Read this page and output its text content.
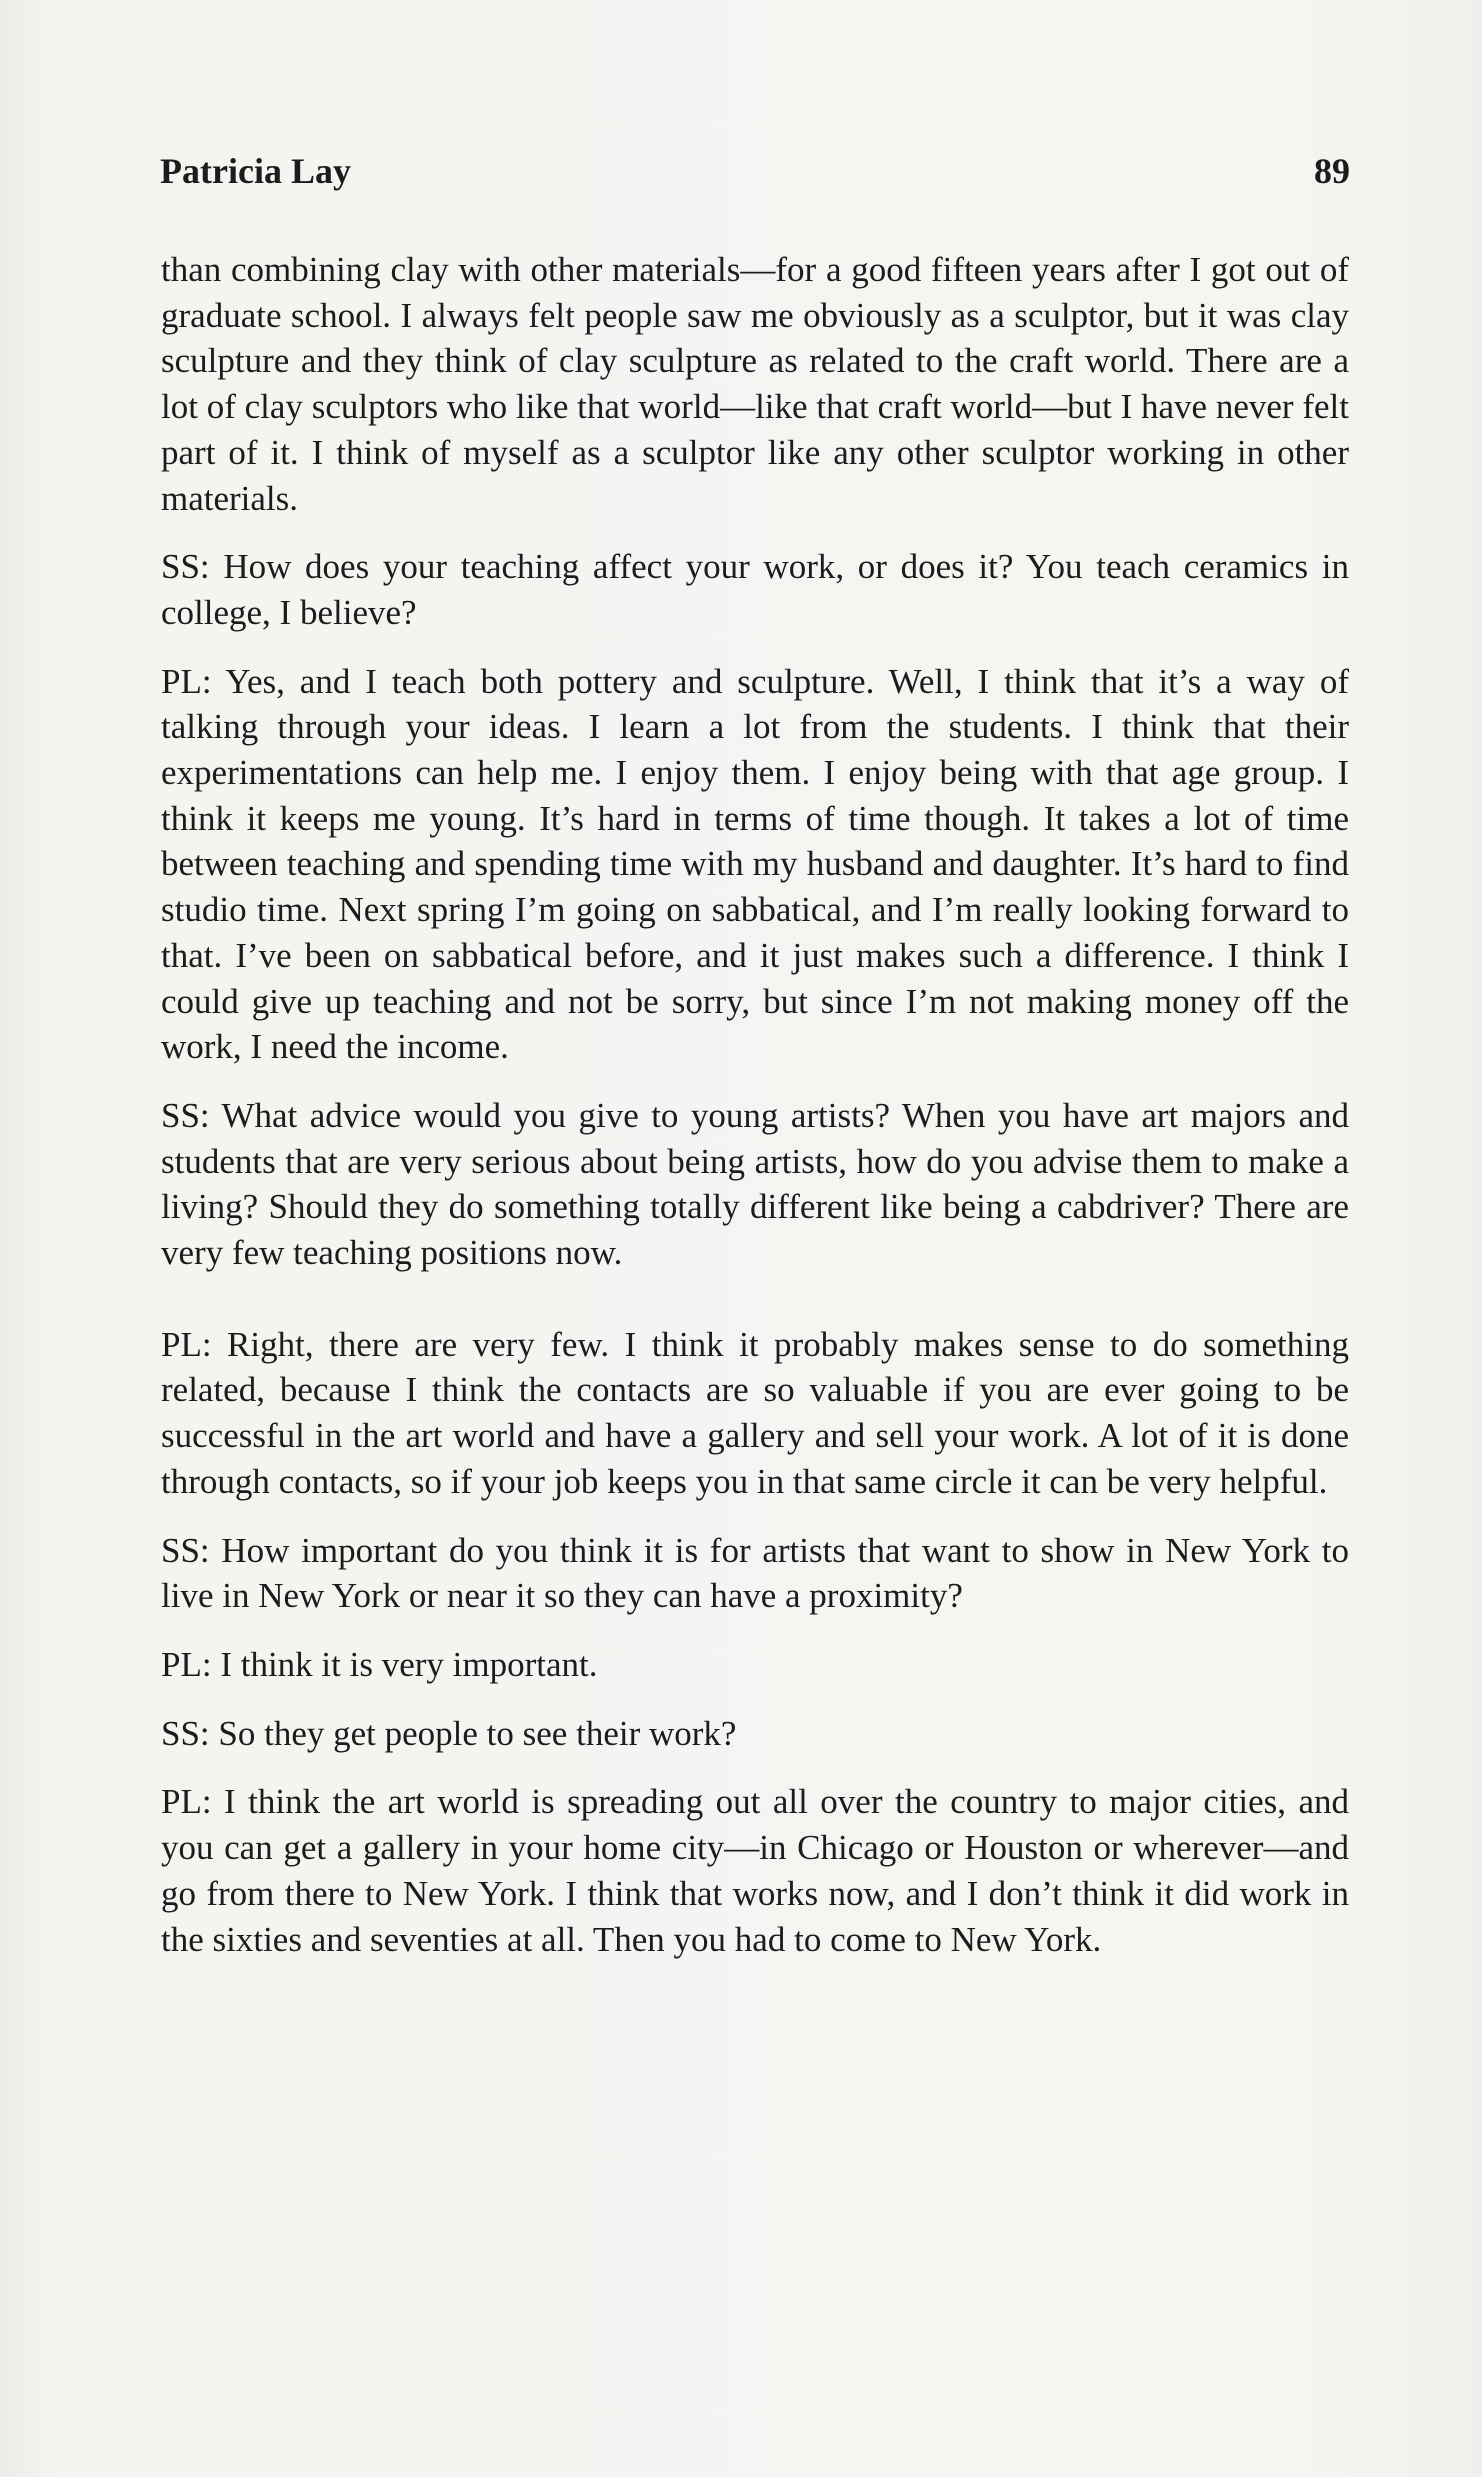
Patricia Lay	89

than combining clay with other materials—for a good fifteen years after I got out of graduate school. I always felt people saw me obviously as a sculptor, but it was clay sculpture and they think of clay sculpture as related to the craft world. There are a lot of clay sculptors who like that world—like that craft world—but I have never felt part of it. I think of myself as a sculptor like any other sculptor working in other materials.

SS: How does your teaching affect your work, or does it? You teach ceramics in college, I believe?

PL: Yes, and I teach both pottery and sculpture. Well, I think that it’s a way of talking through your ideas. I learn a lot from the students. I think that their experimentations can help me. I enjoy them. I enjoy being with that age group. I think it keeps me young. It’s hard in terms of time though. It takes a lot of time between teaching and spending time with my husband and daughter. It’s hard to find studio time. Next spring I’m going on sabbatical, and I’m really looking forward to that. I’ve been on sabbatical before, and it just makes such a difference. I think I could give up teaching and not be sorry, but since I’m not making money off the work, I need the income.

SS: What advice would you give to young artists? When you have art majors and students that are very serious about being artists, how do you advise them to make a living? Should they do something totally different like being a cabdriver? There are very few teaching positions now.

PL: Right, there are very few. I think it probably makes sense to do something related, because I think the contacts are so valuable if you are ever going to be successful in the art world and have a gallery and sell your work. A lot of it is done through contacts, so if your job keeps you in that same circle it can be very helpful.

SS: How important do you think it is for artists that want to show in New York to live in New York or near it so they can have a proximity?

PL: I think it is very important.

SS: So they get people to see their work?

PL: I think the art world is spreading out all over the country to major cities, and you can get a gallery in your home city—in Chicago or Houston or wherever—and go from there to New York. I think that works now, and I don’t think it did work in the sixties and seventies at all. Then you had to come to New York.
